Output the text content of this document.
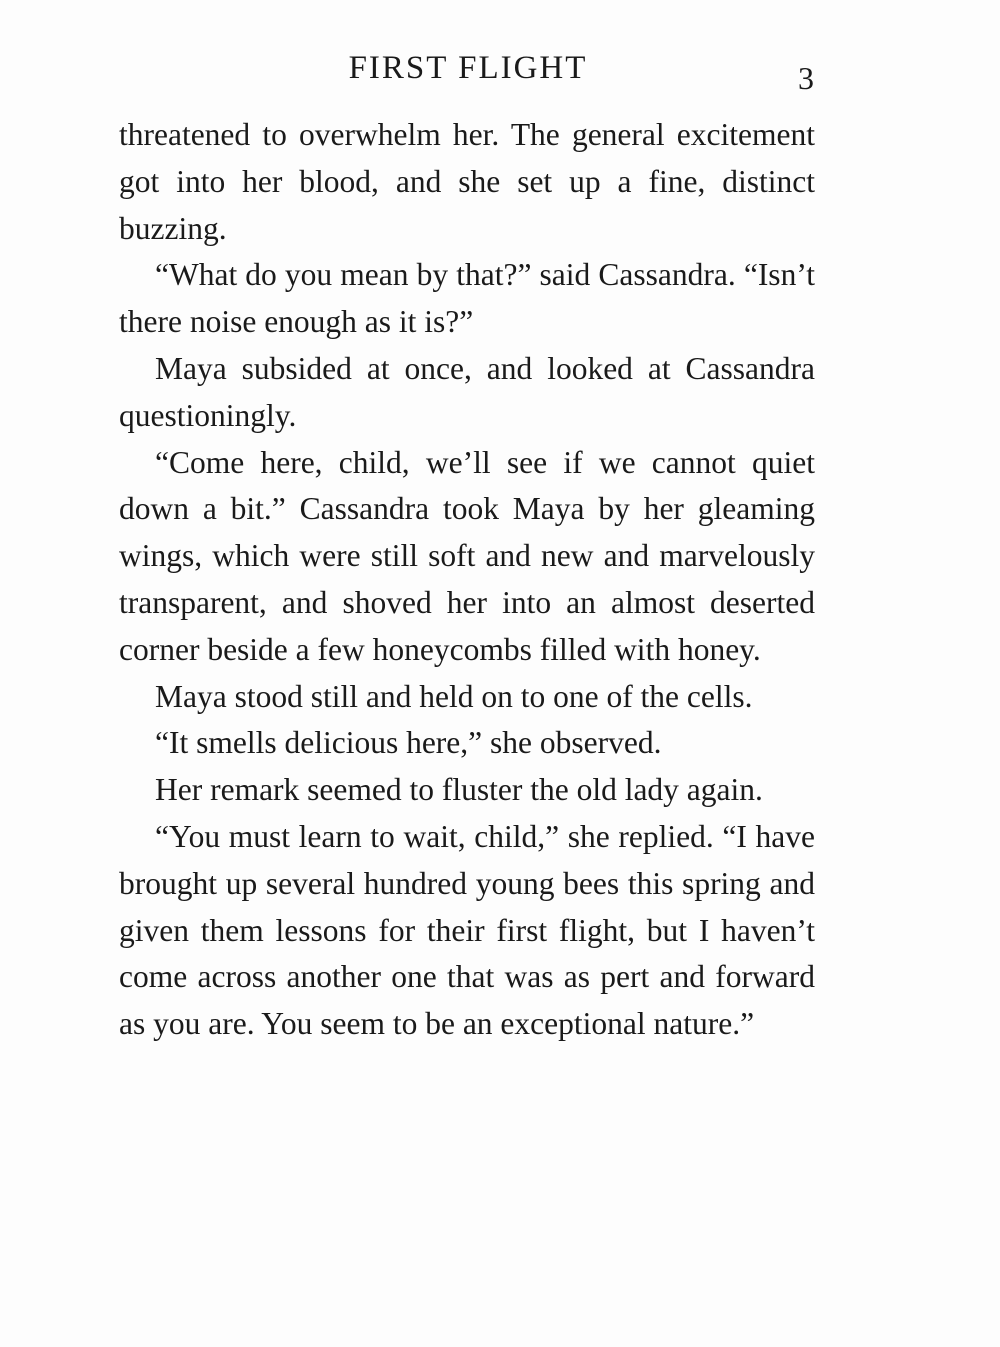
FIRST FLIGHT	3

threatened to overwhelm her. The general excitement got into her blood, and she set up a fine, distinct buzzing.

“What do you mean by that?” said Cassandra. “Isn’t there noise enough as it is?”

Maya subsided at once, and looked at Cassandra questioningly.

“Come here, child, we’ll see if we cannot quiet down a bit.” Cassandra took Maya by her gleaming wings, which were still soft and new and marvelously transparent, and shoved her into an almost deserted corner beside a few honeycombs filled with honey.

Maya stood still and held on to one of the cells.

“It smells delicious here,” she observed.

Her remark seemed to fluster the old lady again.

“You must learn to wait, child,” she replied. “I have brought up several hundred young bees this spring and given them lessons for their first flight, but I haven’t come across another one that was as pert and forward as you are. You seem to be an exceptional nature.”
